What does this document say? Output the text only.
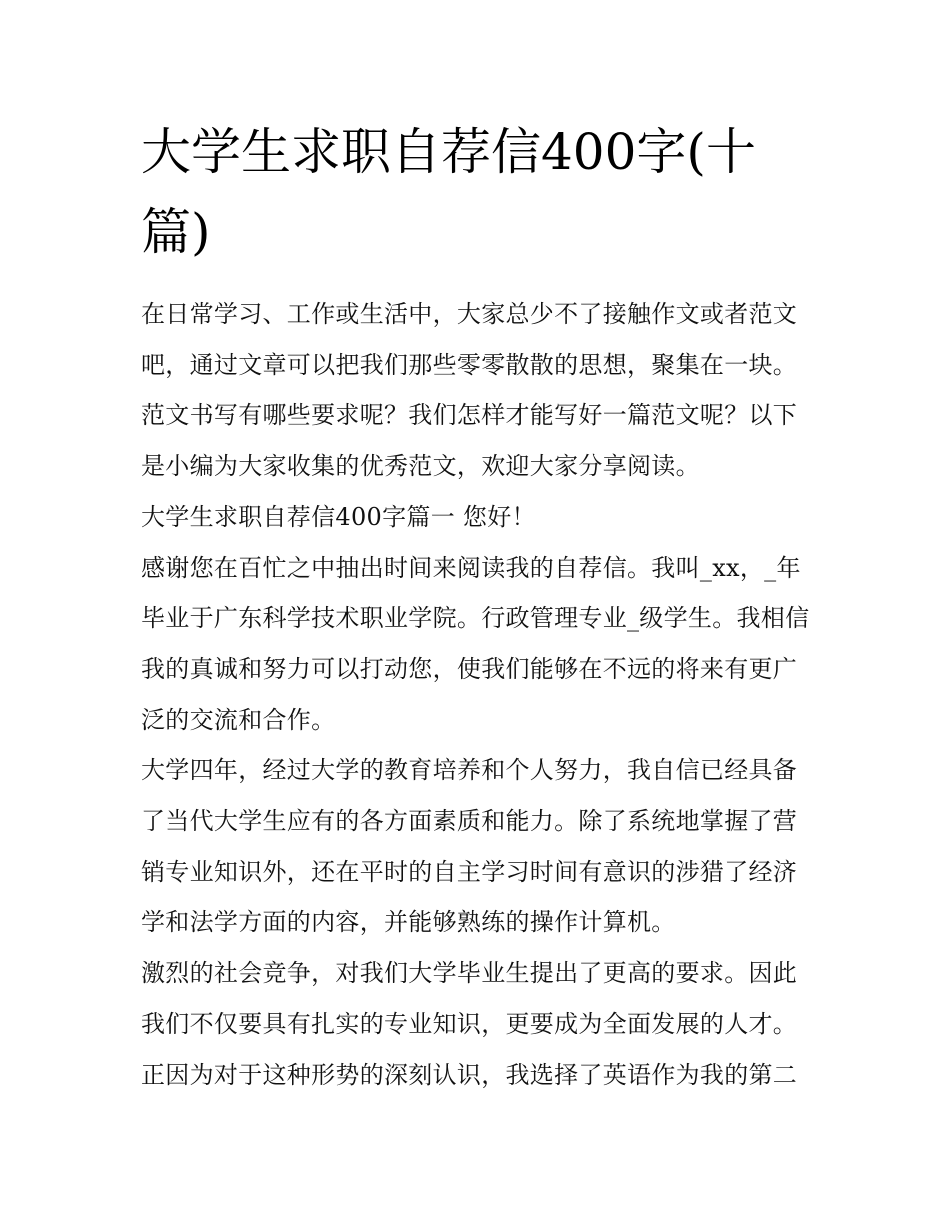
大学生求职自荐信400字(十篇)

在日常学习、工作或生活中，大家总少不了接触作文或者范文吧，通过文章可以把我们那些零零散散的思想，聚集在一块。范文书写有哪些要求呢？我们怎样才能写好一篇范文呢？以下是小编为大家收集的优秀范文，欢迎大家分享阅读。

大学生求职自荐信400字篇一 您好！

感谢您在百忙之中抽出时间来阅读我的自荐信。我叫_xx，_年毕业于广东科学技术职业学院。行政管理专业_级学生。我相信我的真诚和努力可以打动您，使我们能够在不远的将来有更广泛的交流和合作。

大学四年，经过大学的教育培养和个人努力，我自信已经具备了当代大学生应有的各方面素质和能力。除了系统地掌握了营销专业知识外，还在平时的自主学习时间有意识的涉猎了经济学和法学方面的内容，并能够熟练的操作计算机。

激烈的社会竞争，对我们大学毕业生提出了更高的要求。因此我们不仅要具有扎实的专业知识，更要成为全面发展的人才。正因为对于这种形势的深刻认识，我选择了英语作为我的第二
